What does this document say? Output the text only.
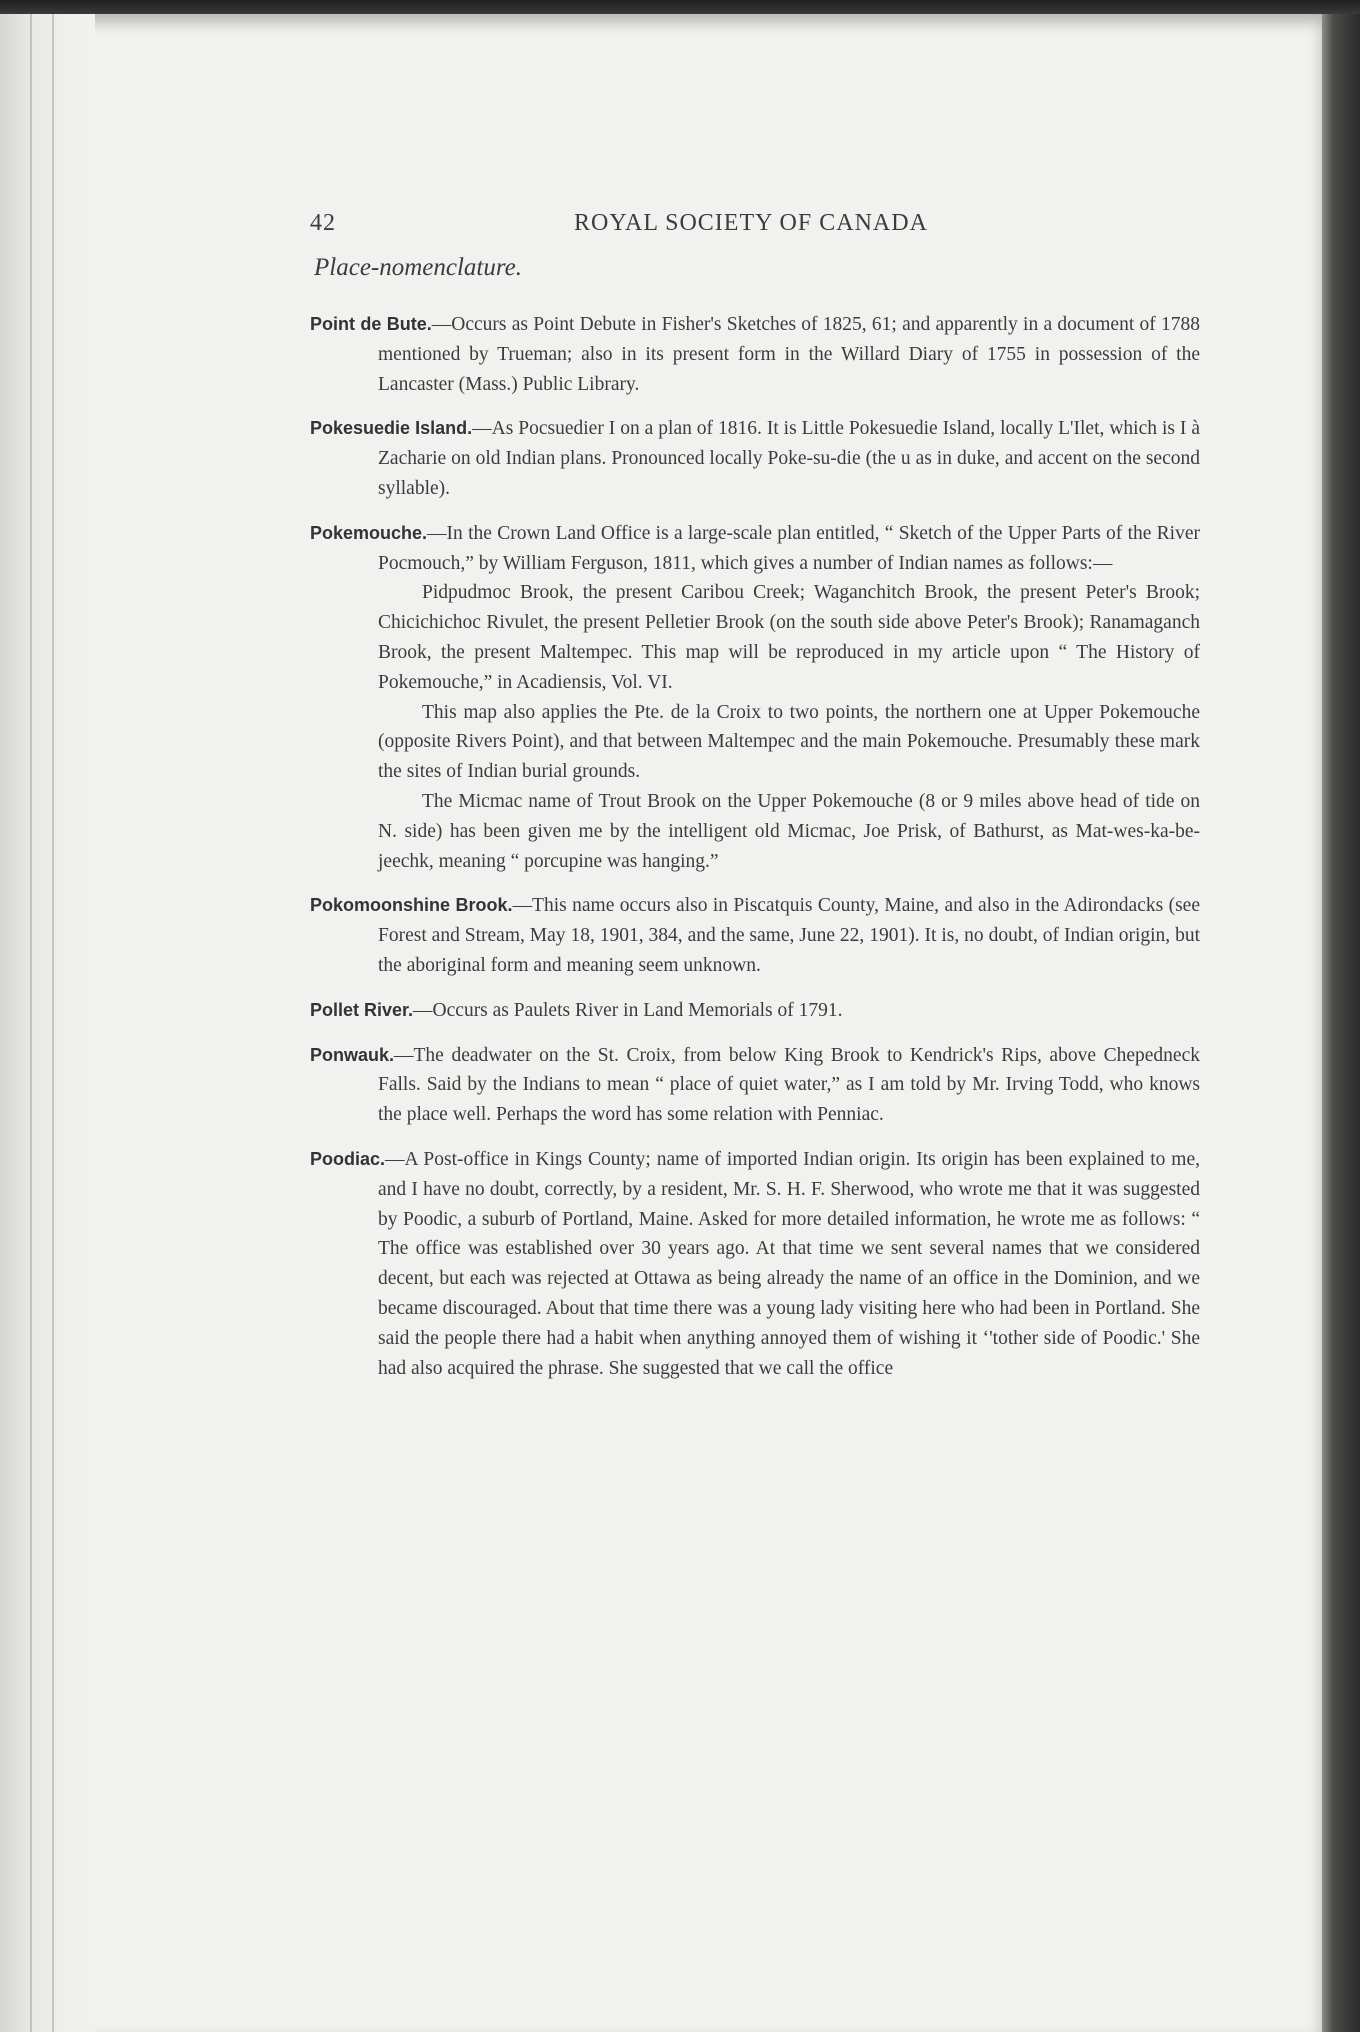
42	ROYAL SOCIETY OF CANADA
Place-nomenclature.

Point de Bute.—Occurs as Point Debute in Fisher's Sketches of 1825, 61; and apparently in a document of 1788 mentioned by Trueman; also in its present form in the Willard Diary of 1755 in possession of the Lancaster (Mass.) Public Library.

Pokesuedie Island.—As Pocsuedier I on a plan of 1816. It is Little Pokesuedie Island, locally L'Ilet, which is I à Zacharie on old Indian plans. Pronounced locally Poke-su-die (the u as in duke, and accent on the second syllable).

Pokemouche.—In the Crown Land Office is a large-scale plan entitled, “ Sketch of the Upper Parts of the River Pocmouch,” by William Ferguson, 1811, which gives a number of Indian names as follows:—

Pidpudmoc Brook, the present Caribou Creek; Waganchitch Brook, the present Peter's Brook; Chicichichoc Rivulet, the present Pelletier Brook (on the south side above Peter's Brook); Ranamaganch Brook, the present Maltempec. This map will be reproduced in my article upon “ The History of Pokemouche,” in Acadiensis, Vol. VI.

This map also applies the Pte. de la Croix to two points, the northern one at Upper Pokemouche (opposite Rivers Point), and that between Maltempec and the main Pokemouche. Presumably these mark the sites of Indian burial grounds.

The Micmac name of Trout Brook on the Upper Pokemouche (8 or 9 miles above head of tide on N. side) has been given me by the intelligent old Micmac, Joe Prisk, of Bathurst, as Mat-wes-ka-be-jeechk, meaning “ porcupine was hanging.”

Pokomoonshine Brook.—This name occurs also in Piscatquis County, Maine, and also in the Adirondacks (see Forest and Stream, May 18, 1901, 384, and the same, June 22, 1901). It is, no doubt, of Indian origin, but the aboriginal form and meaning seem unknown.

Pollet River.—Occurs as Paulets River in Land Memorials of 1791.

Ponwauk.—The deadwater on the St. Croix, from below King Brook to Kendrick's Rips, above Chepedneck Falls. Said by the Indians to mean “ place of quiet water,” as I am told by Mr. Irving Todd, who knows the place well. Perhaps the word has some relation with Penniac.

Poodiac.—A Post-office in Kings County; name of imported Indian origin. Its origin has been explained to me, and I have no doubt, correctly, by a resident, Mr. S. H. F. Sherwood, who wrote me that it was suggested by Poodic, a suburb of Portland, Maine. Asked for more detailed information, he wrote me as follows: “ The office was established over 30 years ago. At that time we sent several names that we considered decent, but each was rejected at Ottawa as being already the name of an office in the Dominion, and we became discouraged. About that time there was a young lady visiting here who had been in Portland. She said the people there had a habit when anything annoyed them of wishing it ‘'tother side of Poodic.' She had also acquired the phrase. She suggested that we call the office
